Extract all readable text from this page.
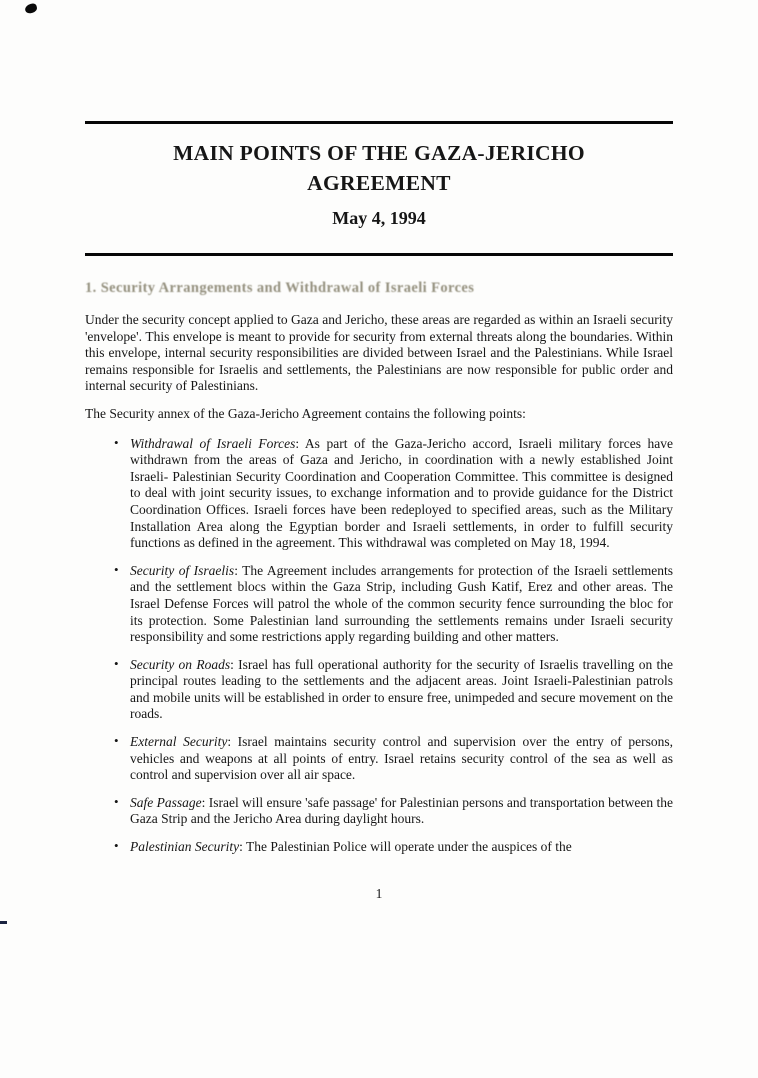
MAIN POINTS OF THE GAZA-JERICHO
AGREEMENT
May 4, 1994
1. Security Arrangements and Withdrawal of Israeli Forces

Under the security concept applied to Gaza and Jericho, these areas are regarded as within an Israeli security 'envelope'. This envelope is meant to provide for security from external threats along the boundaries. Within this envelope, internal security responsibilities are divided between Israel and the Palestinians. While Israel remains responsible for Israelis and settlements, the Palestinians are now responsible for public order and internal security of Palestinians.

The Security annex of the Gaza-Jericho Agreement contains the following points:

• Withdrawal of Israeli Forces: As part of the Gaza-Jericho accord, Israeli military forces have withdrawn from the areas of Gaza and Jericho, in coordination with a newly established Joint Israeli- Palestinian Security Coordination and Cooperation Committee. This committee is designed to deal with joint security issues, to exchange information and to provide guidance for the District Coordination Offices. Israeli forces have been redeployed to specified areas, such as the Military Installation Area along the Egyptian border and Israeli settlements, in order to fulfill security functions as defined in the agreement. This withdrawal was completed on May 18, 1994.
• Security of Israelis: The Agreement includes arrangements for protection of the Israeli settlements and the settlement blocs within the Gaza Strip, including Gush Katif, Erez and other areas. The Israel Defense Forces will patrol the whole of the common security fence surrounding the bloc for its protection. Some Palestinian land surrounding the settlements remains under Israeli security responsibility and some restrictions apply regarding building and other matters.
• Security on Roads: Israel has full operational authority for the security of Israelis travelling on the principal routes leading to the settlements and the adjacent areas. Joint Israeli-Palestinian patrols and mobile units will be established in order to ensure free, unimpeded and secure movement on the roads.
• External Security: Israel maintains security control and supervision over the entry of persons, vehicles and weapons at all points of entry. Israel retains security control of the sea as well as control and supervision over all air space.
• Safe Passage: Israel will ensure 'safe passage' for Palestinian persons and transportation between the Gaza Strip and the Jericho Area during daylight hours.
• Palestinian Security: The Palestinian Police will operate under the auspices of the
1
